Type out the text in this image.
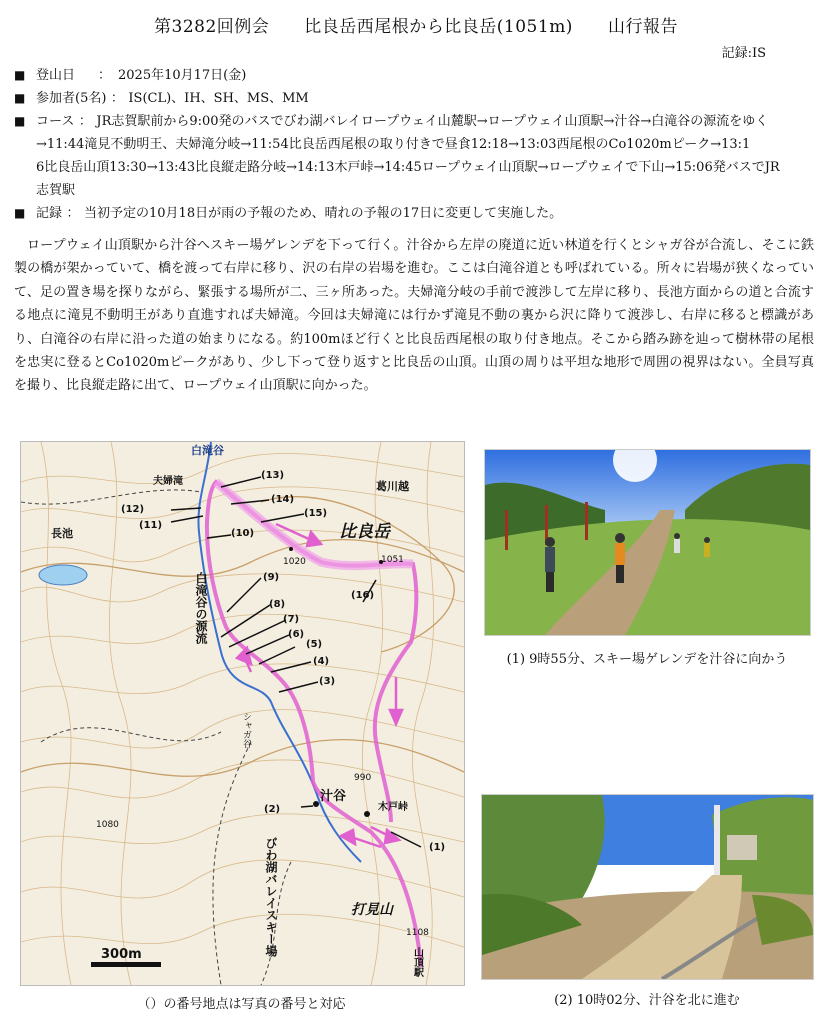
第3282回例会　　比良岳西尾根から比良岳(1051m)　　山行報告
記録:IS
■ 登山日	： 2025年10月17日(金)
■ 参加者(5名) ： IS(CL)、IH、SH、MS、MM
■ コース ： JR志賀駅前から9:00発のバスでびわ湖バレイロープウェイ山麓駅→ロープウェイ山頂駅→汁谷→白滝谷の源流をゆく
→11:44滝見不動明王、夫婦滝分岐→11:54比良岳西尾根の取り付きで昼食12:18→13:03西尾根のCo1020mピーク→13:1
6比良岳山頂13:30→13:43比良縦走路分岐→14:13木戸峠→14:45ロープウェイ山頂駅→ロープウェイで下山→15:06発バスでJR
志賀駅
■ 記録 ： 当初予定の10月18日が雨の予報のため、晴れの予報の17日に変更して実施した。
ロープウェイ山頂駅から汁谷へスキー場ゲレンデを下って行く。汁谷から左岸の廃道に近い林道を行くとシャガ谷が合流し、そこに鉄製の橋が架かっていて、橋を渡って右岸に移り、沢の右岸の岩場を進む。ここは白滝谷道とも呼ばれている。所々に岩場が狭くなっていて、足の置き場を探りながら、緊張する場所が二、三ヶ所あった。夫婦滝分岐の手前で渡渉して左岸に移り、長池方面からの道と合流する地点に滝見不動明王があり直進すれば夫婦滝。今回は夫婦滝には行かず滝見不動の裏から沢に降りて渡渉し、右岸に移ると標識があり、白滝谷の右岸に沿った道の始まりになる。約100mほど行くと比良岳西尾根の取り付き地点。そこから踏み跡を辿って樹林帯の尾根を忠実に登るとCo1020mピークがあり、少し下って登り返すと比良岳の山頂。山頂の周りは平坦な地形で周囲の視界はない。全員写真を撮り、比良縦走路に出て、ロープウェイ山頂駅に向かった。
白滝谷
夫婦滝
長池
葛川越
比良岳
1020	1051
白滝谷の源流
シャガ谷
汁谷
木戸峠
990
1080
びわ湖バレイスキー場	打見山
1108
山頂駅
300m
(13)
(14)
(15)
(12)
(11)
(10)
(9)
(8)
(7)
(6)
(5)
(4)
(3)
(1)
(2)
(16)
（）の番号地点は写真の番号と対応
(1) 9時55分、スキー場ゲレンデを汁谷に向かう
(2) 10時02分、汁谷を北に進む
